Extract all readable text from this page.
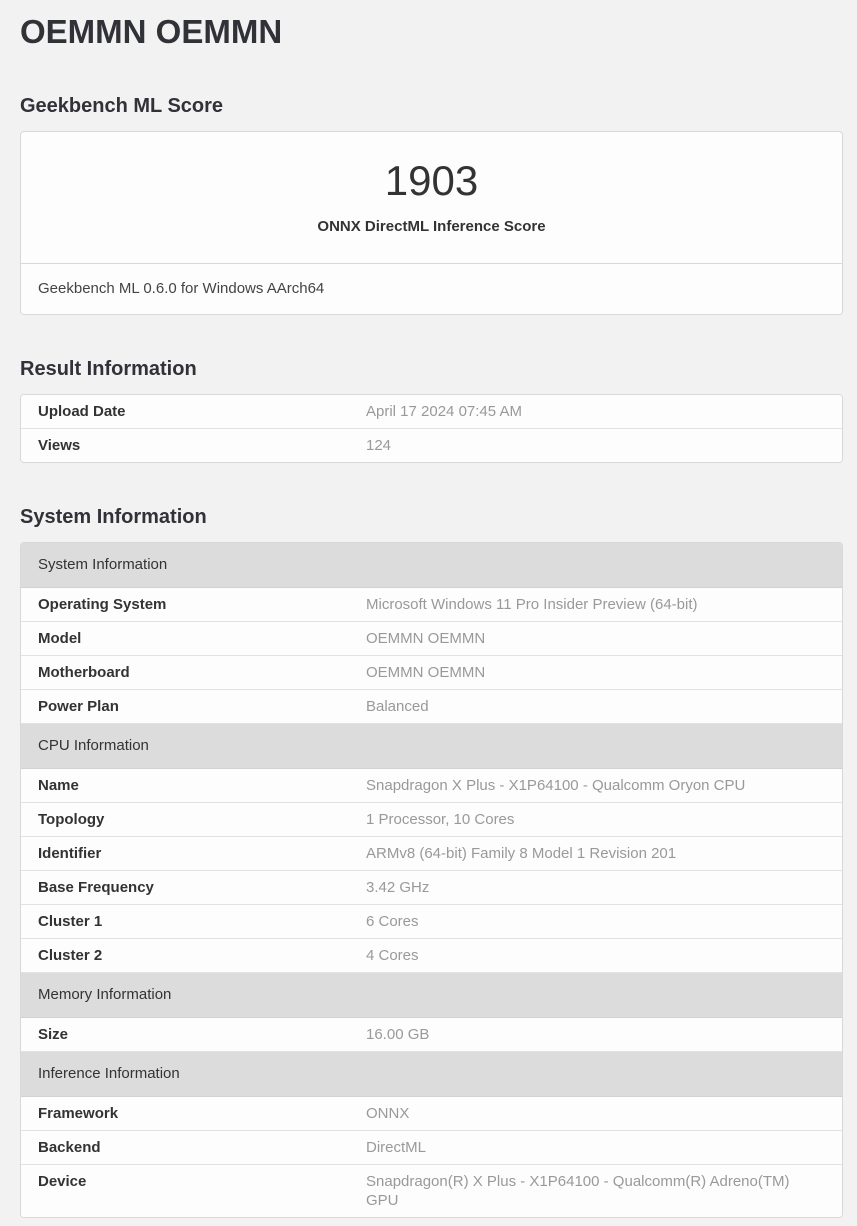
OEMMN OEMMN
Geekbench ML Score
1903
ONNX DirectML Inference Score
Geekbench ML 0.6.0 for Windows AArch64
Result Information
Upload Date	April 17 2024 07:45 AM
Views	124
System Information
System Information
Operating System	Microsoft Windows 11 Pro Insider Preview (64-bit)
Model	OEMMN OEMMN
Motherboard	OEMMN OEMMN
Power Plan	Balanced
CPU Information
Name	Snapdragon X Plus - X1P64100 - Qualcomm Oryon CPU
Topology	1 Processor, 10 Cores
Identifier	ARMv8 (64-bit) Family 8 Model 1 Revision 201
Base Frequency	3.42 GHz
Cluster 1	6 Cores
Cluster 2	4 Cores
Memory Information
Size	16.00 GB
Inference Information
Framework	ONNX
Backend	DirectML
Device	Snapdragon(R) X Plus - X1P64100 - Qualcomm(R) Adreno(TM) GPU
